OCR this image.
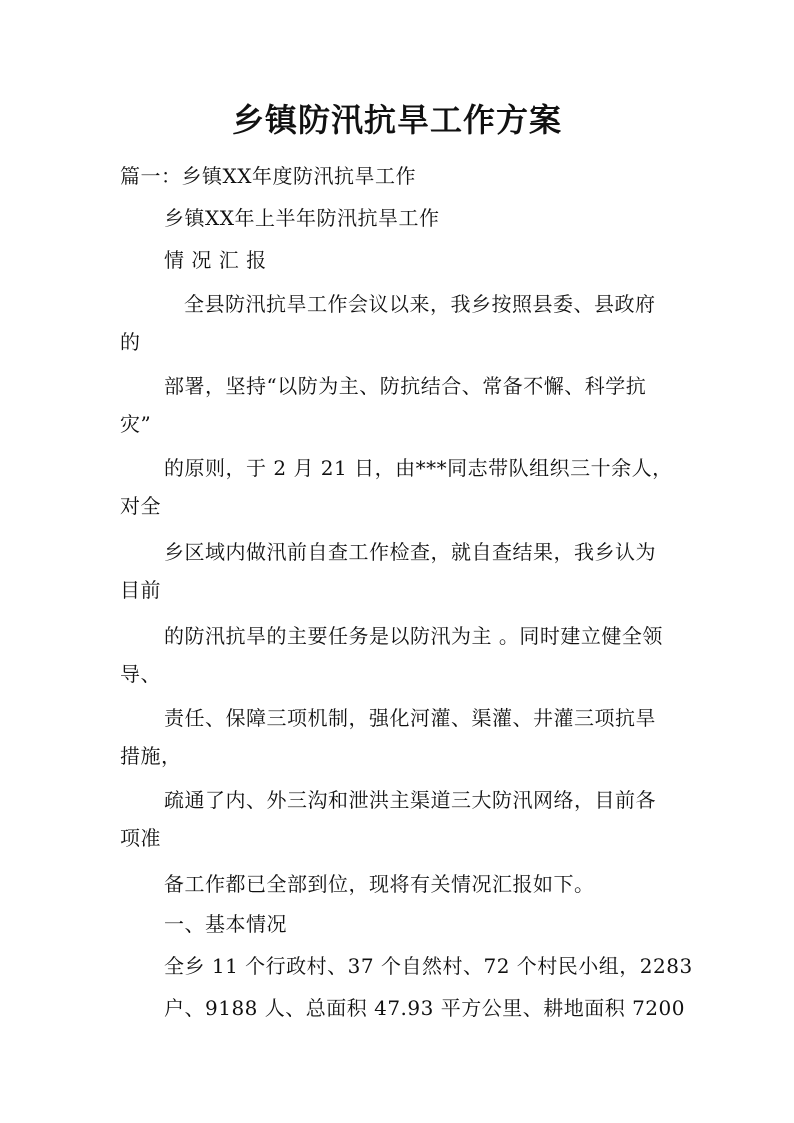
乡镇防汛抗旱工作方案
篇一：乡镇XX年度防汛抗旱工作
乡镇XX年上半年防汛抗旱工作
情 况 汇 报
全县防汛抗旱工作会议以来，我乡按照县委、县政府
的
部署，坚持“以防为主、防抗结合、常备不懈、科学抗
灾”
的原则，于 2 月 21 日，由***同志带队组织三十余人，
对全
乡区域内做汛前自查工作检查，就自查结果，我乡认为
目前
的防汛抗旱的主要任务是以防汛为主 。同时建立健全领
导、
责任、保障三项机制，强化河灌、渠灌、井灌三项抗旱
措施，
疏通了内、外三沟和泄洪主渠道三大防汛网络，目前各
项准
备工作都已全部到位，现将有关情况汇报如下。
一、基本情况
全乡 11 个行政村、37 个自然村、72 个村民小组，2283
户、9188 人、总面积 47.93 平方公里、耕地面积 7200
